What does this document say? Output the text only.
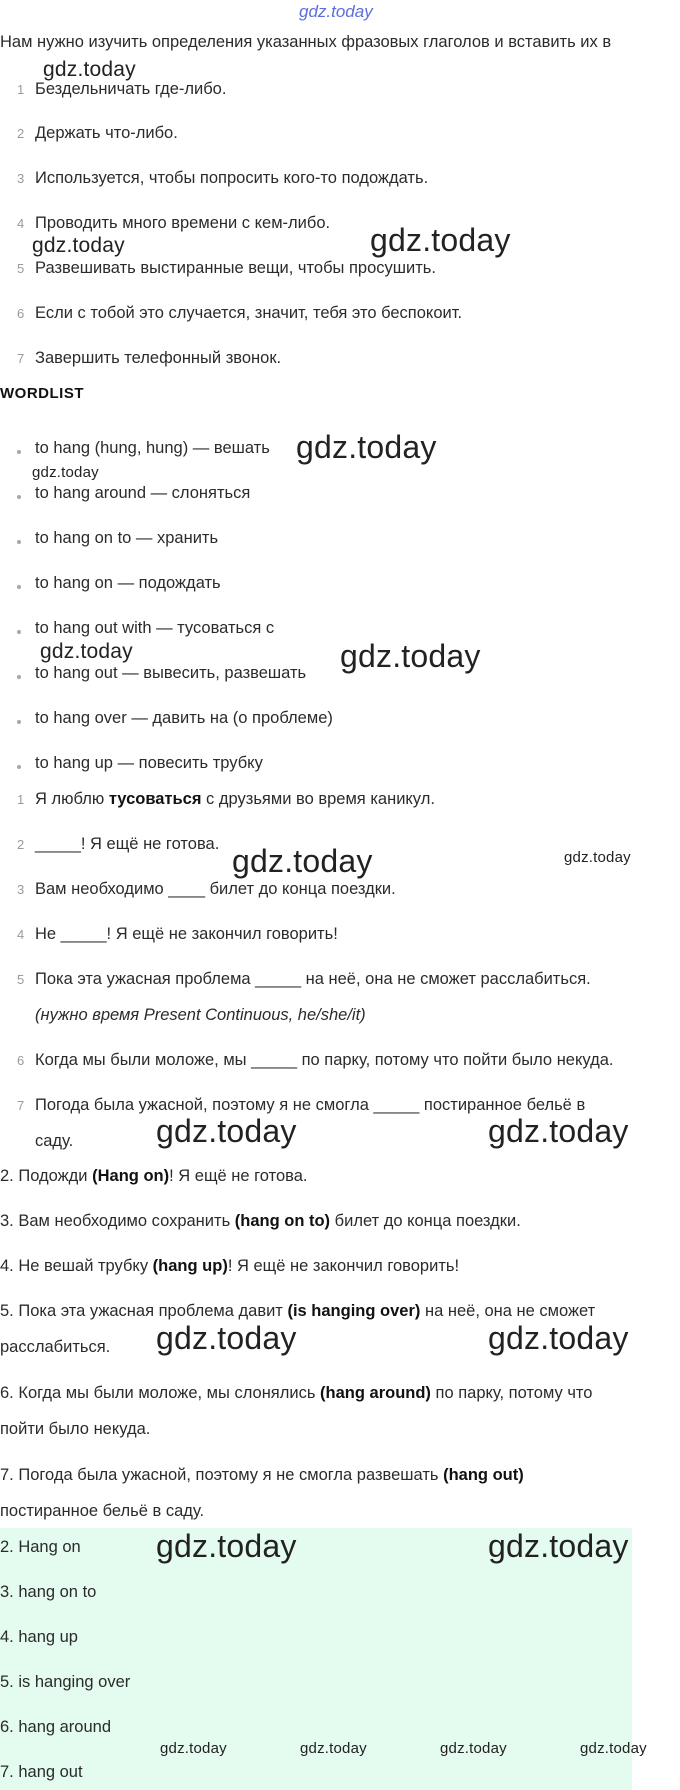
gdz.today
Нам нужно изучить определения указанных фразовых глаголов и вставить их в
1 Бездельничать где-либо.
2 Держать что-либо.
3 Используется, чтобы попросить кого-то подождать.
4 Проводить много времени с кем-либо.
5 Развешивать выстиранные вещи, чтобы просушить.
6 Если с тобой это случается, значит, тебя это беспокоит.
7 Завершить телефонный звонок.
WORDLIST
to hang (hung, hung) — вешать
to hang around — слоняться
to hang on to — хранить
to hang on — подождать
to hang out with — тусоваться с
to hang out — вывесить, развешать
to hang over — давить на (о проблеме)
to hang up — повесить трубку
1 Я люблю тусоваться с друзьями во время каникул.
2 _____! Я ещё не готова.
3 Вам необходимо ____ билет до конца поездки.
4 Не _____! Я ещё не закончил говорить!
5 Пока эта ужасная проблема _____ на неё, она не сможет расслабиться.
(нужно время Present Continuous, he/she/it)
6 Когда мы были моложе, мы _____ по парку, потому что пойти было некуда.
7 Погода была ужасной, поэтому я не смогла _____ постиранное бельё в
саду.
2. Подожди (Hang on)! Я ещё не готова.
3. Вам необходимо сохранить (hang on to) билет до конца поездки.
4. Не вешай трубку (hang up)! Я ещё не закончил говорить!
5. Пока эта ужасная проблема давит (is hanging over) на неё, она не сможет
расслабиться.
6. Когда мы были моложе, мы слонялись (hang around) по парку, потому что
пойти было некуда.
7. Погода была ужасной, поэтому я не смогла развешать (hang out)
постиранное бельё в саду.
2. Hang on
3. hang on to
4. hang up
5. is hanging over
6. hang around
7. hang out
gdz.today
gdz.today
gdz.today
gdz.today
gdz.today
gdz.today	gdz.today
gdz.today	gdz.today
gdz.today	gdz.today
gdz.today	gdz.today
gdz.today	gdz.today
gdz.today	gdz.today	gdz.today	gdz.today
